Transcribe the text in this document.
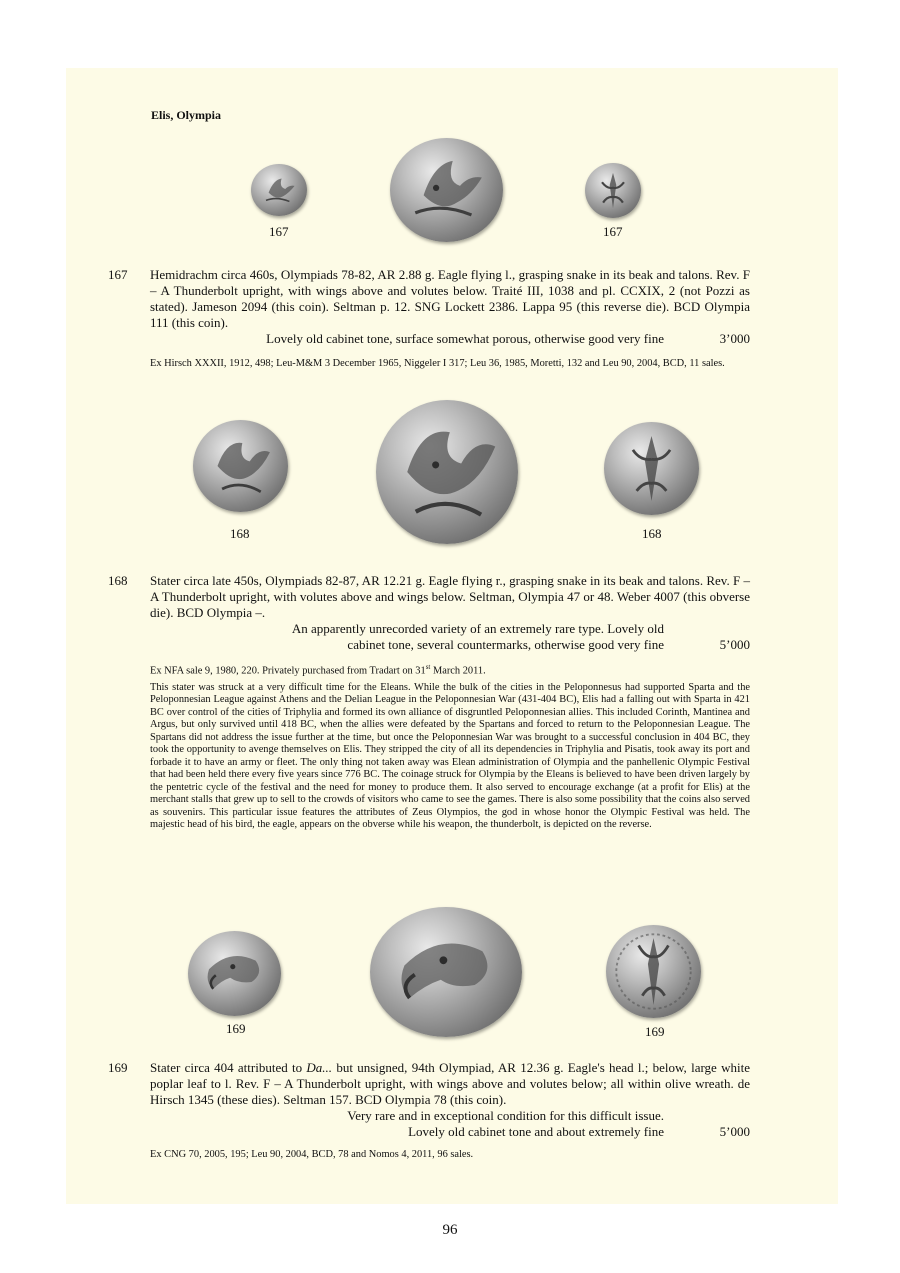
Elis, Olympia
167	167
167 Hemidrachm circa 460s, Olympiads 78-82, AR 2.88 g. Eagle flying l., grasping snake in its beak and talons. Rev. F – A Thunderbolt upright, with wings above and volutes below. Traité III, 1038 and pl. CCXIX, 2 (not Pozzi as stated). Jameson 2094 (this coin). Seltman p. 12. SNG Lockett 2386. Lappa 95 (this reverse die). BCD Olympia 111 (this coin).
Lovely old cabinet tone, surface somewhat porous, otherwise good very fine	3’000
Ex Hirsch XXXII, 1912, 498; Leu-M&M 3 December 1965, Niggeler I 317; Leu 36, 1985, Moretti, 132 and Leu 90, 2004, BCD, 11 sales.
168	168
168 Stater circa late 450s, Olympiads 82-87, AR 12.21 g. Eagle flying r., grasping snake in its beak and talons. Rev. F – A Thunderbolt upright, with volutes above and wings below. Seltman, Olympia 47 or 48. Weber 4007 (this obverse die). BCD Olympia –.
An apparently unrecorded variety of an extremely rare type. Lovely old
cabinet tone, several countermarks, otherwise good very fine	5’000
Ex NFA sale 9, 1980, 220. Privately purchased from Tradart on 31st March 2011.
This stater was struck at a very difficult time for the Eleans. While the bulk of the cities in the Peloponnesus had supported Sparta and the Peloponnesian League against Athens and the Delian League in the Peloponnesian War (431-404 BC), Elis had a falling out with Sparta in 421 BC over control of the cities of Triphylia and formed its own alliance of disgruntled Peloponnesian allies. This included Corinth, Mantinea and Argus, but only survived until 418 BC, when the allies were defeated by the Spartans and forced to return to the Peloponnesian League. The Spartans did not address the issue further at the time, but once the Peloponnesian War was brought to a successful conclusion in 404 BC, they took the opportunity to avenge themselves on Elis. They stripped the city of all its dependencies in Triphylia and Pisatis, took away its port and forbade it to have an army or fleet. The only thing not taken away was Elean administration of Olympia and the panhellenic Olympic Festival that had been held there every five years since 776 BC. The coinage struck for Olympia by the Eleans is believed to have been driven largely by the pentetric cycle of the festival and the need for money to produce them. It also served to encourage exchange (at a profit for Elis) at the merchant stalls that grew up to sell to the crowds of visitors who came to see the games. There is also some possibility that the coins also served as souvenirs. This particular issue features the attributes of Zeus Olympios, the god in whose honor the Olympic Festival was held. The majestic head of his bird, the eagle, appears on the obverse while his weapon, the thunderbolt, is depicted on the reverse.
169	169
169 Stater circa 404 attributed to Da... but unsigned, 94th Olympiad, AR 12.36 g. Eagle's head l.; below, large white poplar leaf to l. Rev. F – A Thunderbolt upright, with wings above and volutes below; all within olive wreath. de Hirsch 1345 (these dies). Seltman 157. BCD Olympia 78 (this coin).
Very rare and in exceptional condition for this difficult issue.
Lovely old cabinet tone and about extremely fine	5’000
Ex CNG 70, 2005, 195; Leu 90, 2004, BCD, 78 and Nomos 4, 2011, 96 sales.
96
